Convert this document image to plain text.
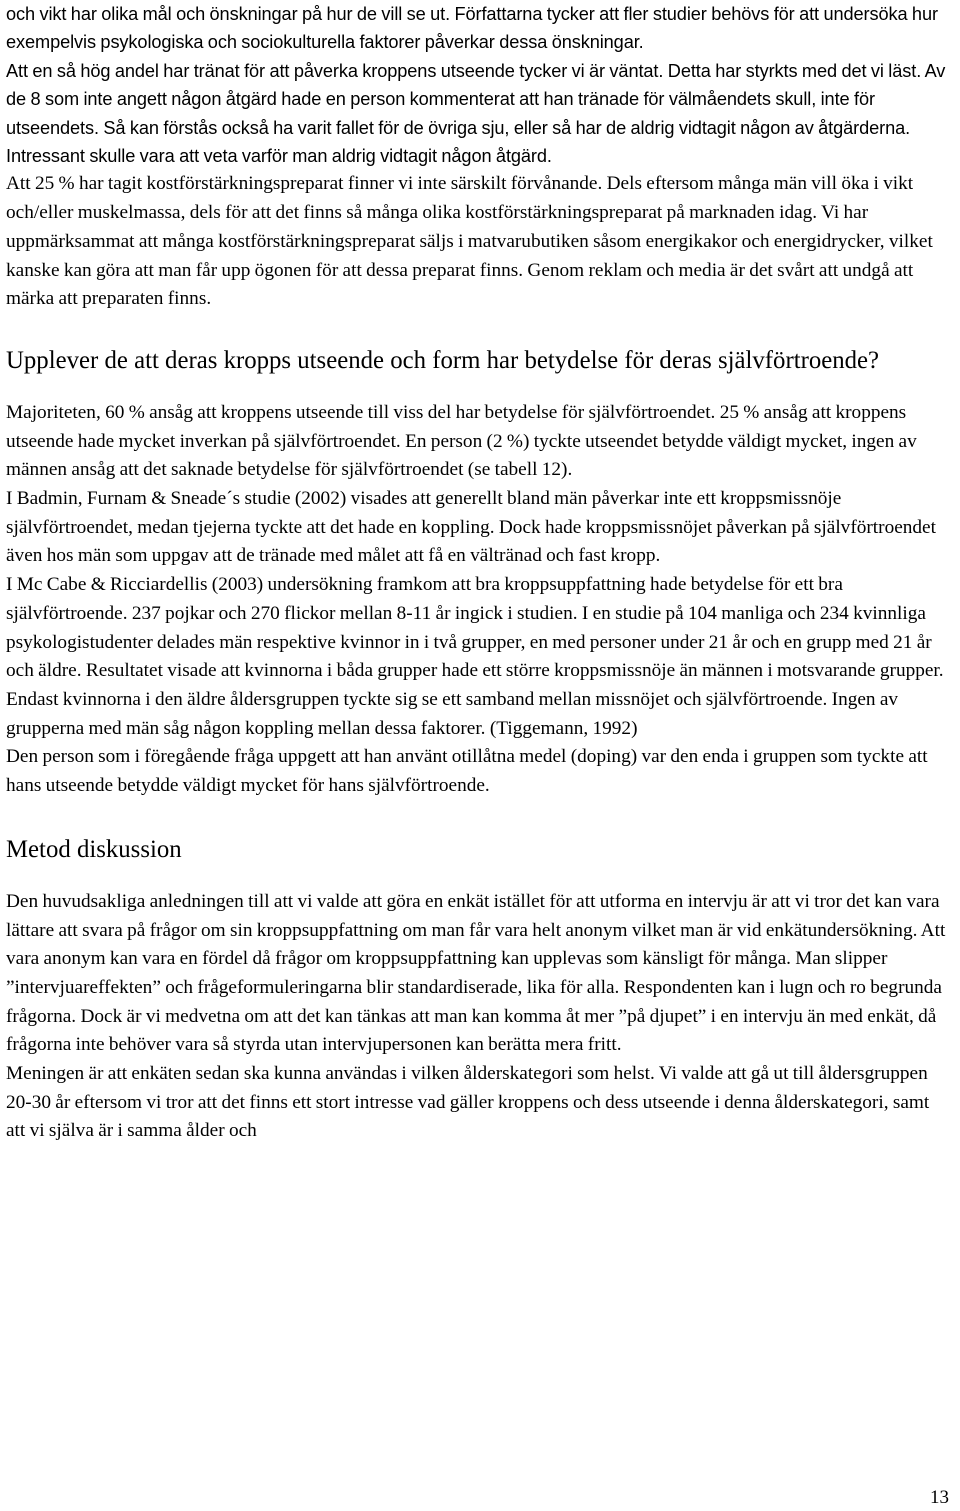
och vikt har olika mål och önskningar på hur de vill se ut. Författarna tycker att fler studier behövs för att undersöka hur exempelvis psykologiska och sociokulturella faktorer påverkar dessa önskningar.

Att en så hög andel har tränat för att påverka kroppens utseende tycker vi är väntat. Detta har styrkts med det vi läst. Av de 8 som inte angett någon åtgärd hade en person kommenterat att han tränade för välmåendets skull, inte för utseendets. Så kan förstås också ha varit fallet för de övriga sju, eller så har de aldrig vidtagit någon av åtgärderna. Intressant skulle vara att veta varför man aldrig vidtagit någon åtgärd.

Att 25 % har tagit kostförstärkningspreparat finner vi inte särskilt förvånande. Dels eftersom många män vill öka i vikt och/eller muskelmassa, dels för att det finns så många olika kostförstärkningspreparat på marknaden idag. Vi har uppmärksammat att många kostförstärkningspreparat säljs i matvarubutiken såsom energikakor och energidrycker, vilket kanske kan göra att man får upp ögonen för att dessa preparat finns. Genom reklam och media är det svårt att undgå att märka att preparaten finns.

Upplever de att deras kropps utseende och form har betydelse för deras självförtroende?

Majoriteten, 60 % ansåg att kroppens utseende till viss del har betydelse för självförtroendet. 25 % ansåg att kroppens utseende hade mycket inverkan på självförtroendet. En person (2 %) tyckte utseendet betydde väldigt mycket, ingen av männen ansåg att det saknade betydelse för självförtroendet (se tabell 12).

I Badmin, Furnam & Sneade´s studie (2002) visades att generellt bland män påverkar inte ett kroppsmissnöje självförtroendet, medan tjejerna tyckte att det hade en koppling. Dock hade kroppsmissnöjet påverkan på självförtroendet även hos män som uppgav att de tränade med målet att få en vältränad och fast kropp.

I Mc Cabe & Ricciardellis (2003) undersökning framkom att bra kroppsuppfattning hade betydelse för ett bra självförtroende. 237 pojkar och 270 flickor mellan 8-11 år ingick i studien. I en studie på 104 manliga och 234 kvinnliga psykologistudenter delades män respektive kvinnor in i två grupper, en med personer under 21 år och en grupp med 21 år och äldre. Resultatet visade att kvinnorna i båda grupper hade ett större kroppsmissnöje än männen i motsvarande grupper. Endast kvinnorna i den äldre åldersgruppen tyckte sig se ett samband mellan missnöjet och självförtroende. Ingen av grupperna med män såg någon koppling mellan dessa faktorer. (Tiggemann, 1992)

Den person som i föregående fråga uppgett att han använt otillåtna medel (doping) var den enda i gruppen som tyckte att hans utseende betydde väldigt mycket för hans självförtroende.

Metod diskussion

Den huvudsakliga anledningen till att vi valde att göra en enkät istället för att utforma en intervju är att vi tror det kan vara lättare att svara på frågor om sin kroppsuppfattning om man får vara helt anonym vilket man är vid enkätundersökning. Att vara anonym kan vara en fördel då frågor om kroppsuppfattning kan upplevas som känsligt för många. Man slipper ”intervjuareffekten” och frågeformuleringarna blir standardiserade, lika för alla. Respondenten kan i lugn och ro begrunda frågorna. Dock är vi medvetna om att det kan tänkas att man kan komma åt mer ”på djupet” i en intervju än med enkät, då frågorna inte behöver vara så styrda utan intervjupersonen kan berätta mera fritt.

Meningen är att enkäten sedan ska kunna användas i vilken ålderskategori som helst. Vi valde att gå ut till åldersgruppen 20-30 år eftersom vi tror att det finns ett stort intresse vad gäller kroppens och dess utseende i denna ålderskategori, samt att vi själva är i samma ålder och

13
